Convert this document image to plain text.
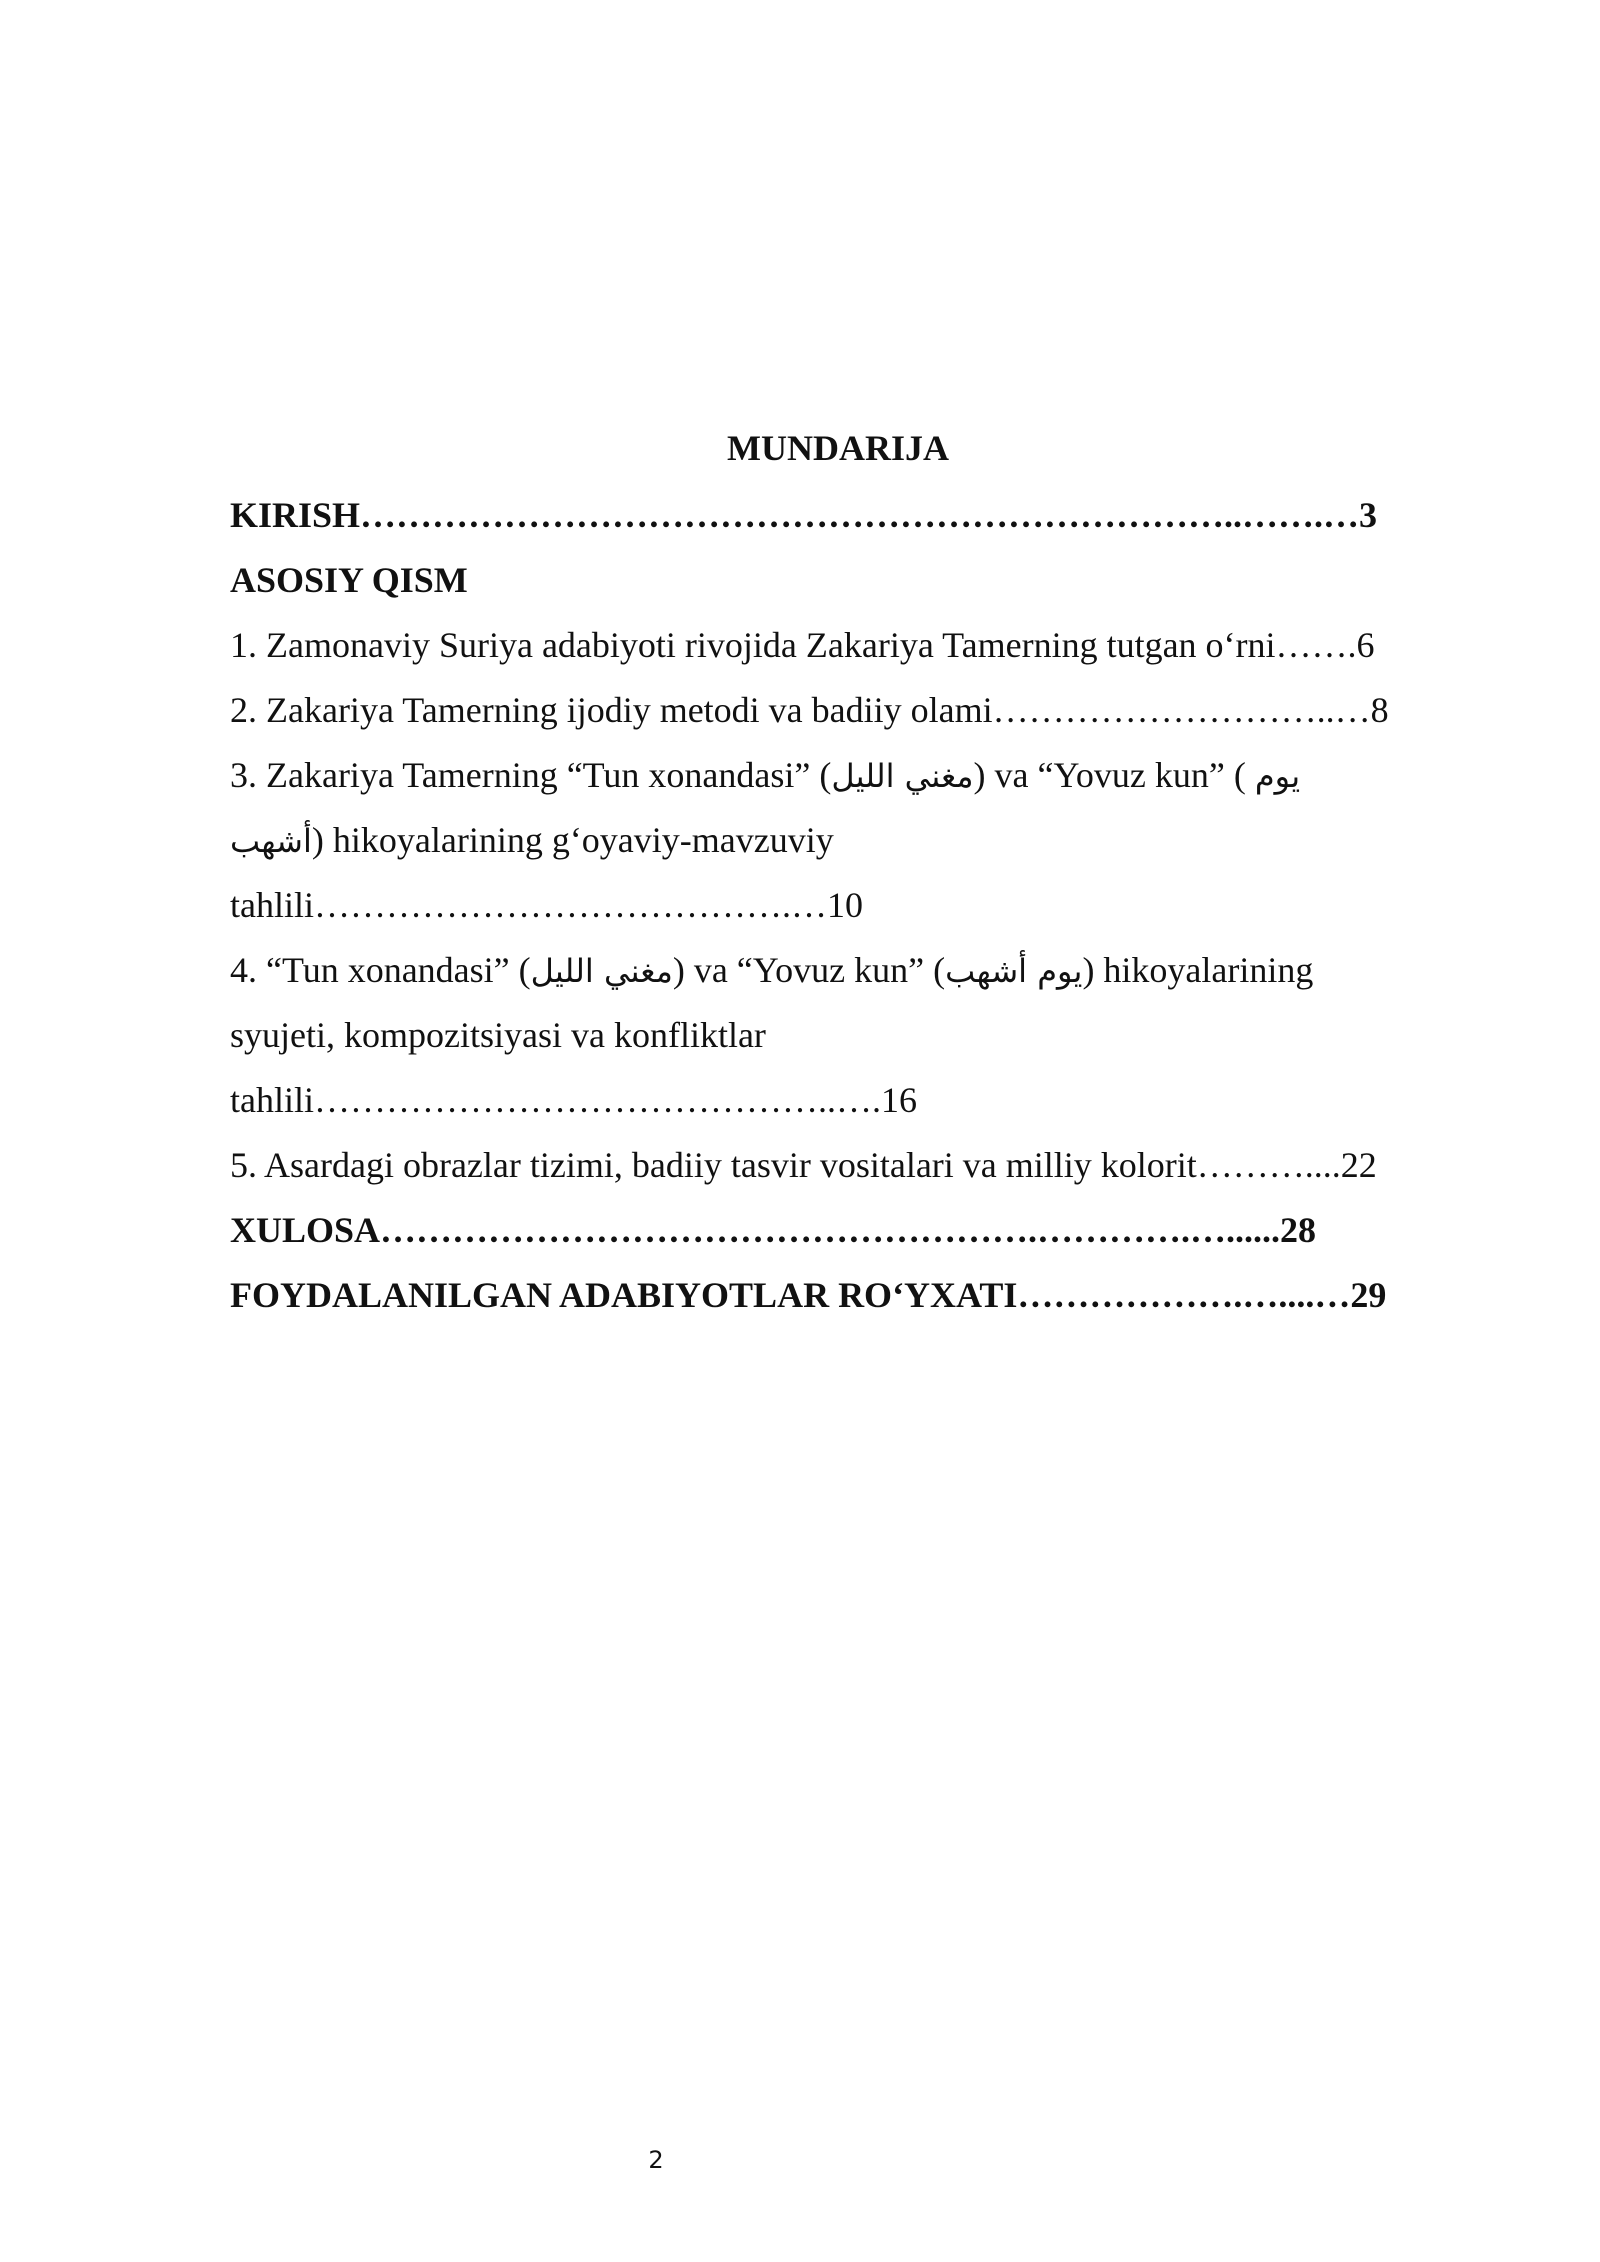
MUNDARIJA
KIRISH………………………………………………………………..…….…3
ASOSIY QISM
1. Zamonaviy Suriya adabiyoti rivojida Zakariya Tamerning tutgan o‘rni…….6
2. Zakariya Tamerning ijodiy metodi va badiiy olami………………………..…8
3. Zakariya Tamerning “Tun xonandasi” (مغني الليل) va “Yovuz kun” ( يوم
أشهب) hikoyalarining g‘oyaviy-mavzuviy
tahlili………………………………….…10
4. “Tun xonandasi” (مغني الليل) va “Yovuz kun” (يوم أشهب) hikoyalarining
syujeti, kompozitsiyasi va konfliktlar
tahlili……………………………………..….16
5. Asardagi obrazlar tizimi, badiiy tasvir vositalari va milliy kolorit………....22
XULOSA……………………………………………….………….…......28
FOYDALANILGAN ADABIYOTLAR RO‘YXATI……………….…....…29
2
